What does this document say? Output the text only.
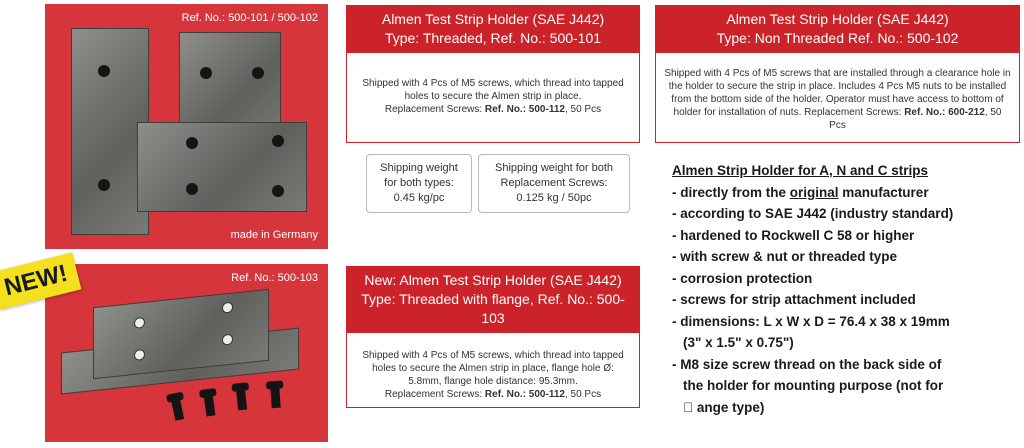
Ref. No.: 500-101 / 500-102
made in Germany
NEW!	Ref. No.: 500-103
Almen Test Strip Holder (SAE J442)
Type: Threaded, Ref. No.: 500-101
Shipped with 4 Pcs of M5 screws, which thread into tapped holes to secure the Almen strip in place.
Replacement Screws: Ref. No.: 500-112, 50 Pcs
Almen Test Strip Holder (SAE J442)
Type: Non Threaded Ref. No.: 500-102
Shipped with 4 Pcs of M5 screws that are installed through a clearance hole in the holder to secure the strip in place. Includes 4 Pcs M5 nuts to be installed from the bottom side of the holder. Operator must have access to bottom of holder for installation of nuts. Replacement Screws: Ref. No.: 600-212, 50 Pcs
Shipping weight
for both types:
0.45 kg/pc
Shipping weight for both
Replacement Screws:
0.125 kg / 50pc
New: Almen Test Strip Holder (SAE J442)
Type: Threaded with flange, Ref. No.: 500-103
Shipped with 4 Pcs of M5 screws, which thread into tapped holes to secure the Almen strip in place, flange hole Ø: 5.8mm, flange hole distance: 95.3mm.
Replacement Screws: Ref. No.: 500-112, 50 Pcs
Almen Strip Holder for A, N and C strips
- directly from the original manufacturer
- according to SAE J442 (industry standard)
- hardened to Rockwell C 58 or higher
- with screw & nut or threaded type
- corrosion protection
- screws for strip attachment included
- dimensions: L x W x D = 76.4 x 38 x 19mm
(3" x 1.5" x 0.75")
- M8 size screw thread on the back side of
the holder for mounting purpose (not for
  ange type)
